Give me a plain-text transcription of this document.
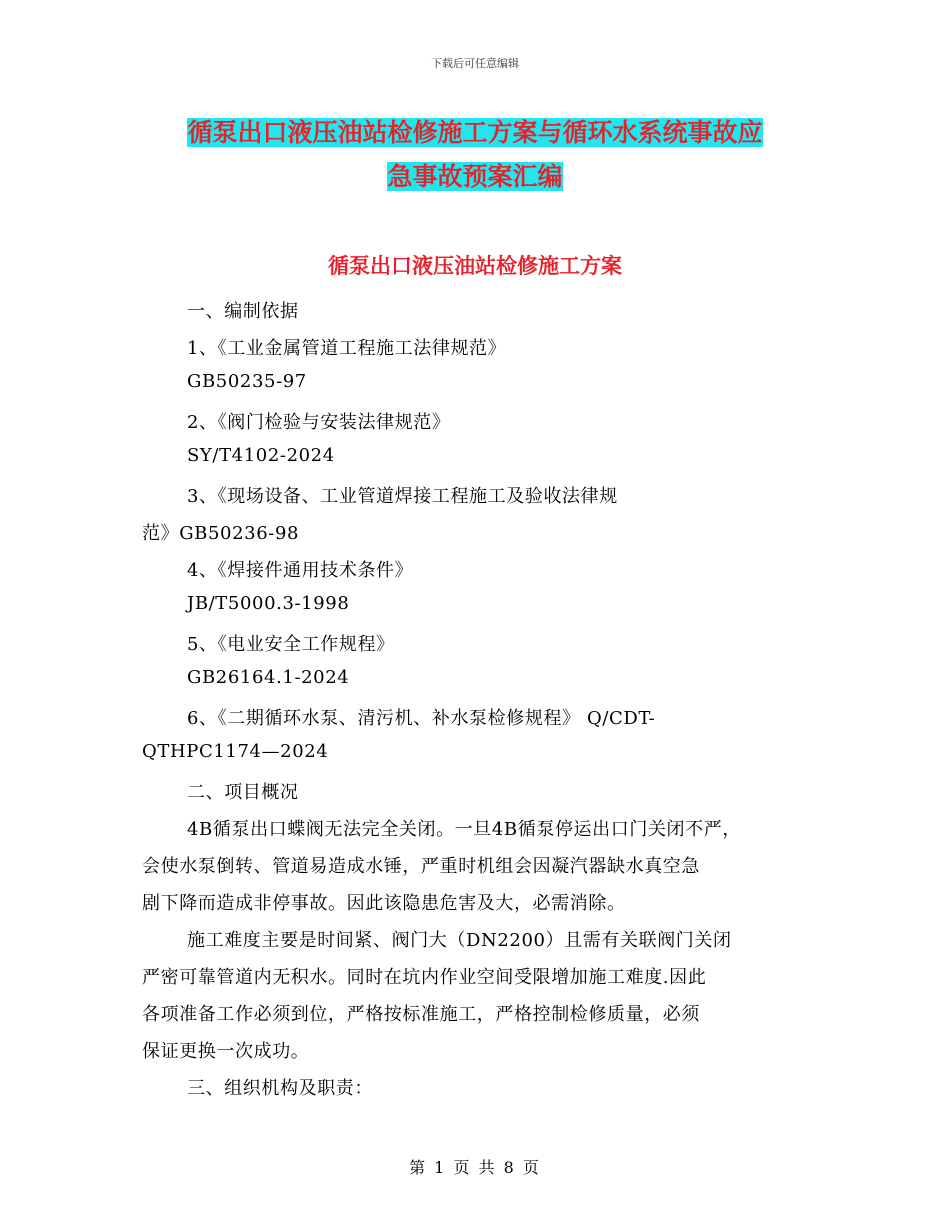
下载后可任意编辑
循泵出口液压油站检修施工方案与循环水系统事故应
急事故预案汇编
循泵出口液压油站检修施工方案
一、编制依据
1、《工业金属管道工程施工法律规范》
GB50235-97
2、《阀门检验与安装法律规范》
SY/T4102-2024
3、《现场设备、工业管道焊接工程施工及验收法律规
范》GB50236-98
4、《焊接件通用技术条件》
JB/T5000.3-1998
5、《电业安全工作规程》
GB26164.1-2024
6、《二期循环水泵、清污机、补水泵检修规程》 Q/CDT-
QTHPC1174—2024
二、项目概况
4B循泵出口蝶阀无法完全关闭。一旦4B循泵停运出口门关闭不严，
会使水泵倒转、管道易造成水锤，严重时机组会因凝汽器缺水真空急
剧下降而造成非停事故。因此该隐患危害及大，必需消除。
施工难度主要是时间紧、阀门大（DN2200）且需有关联阀门关闭
严密可靠管道内无积水。同时在坑内作业空间受限增加施工难度.因此
各项准备工作必须到位，严格按标准施工，严格控制检修质量，必须
保证更换一次成功。
三、组织机构及职责：
第 1 页 共 8 页
